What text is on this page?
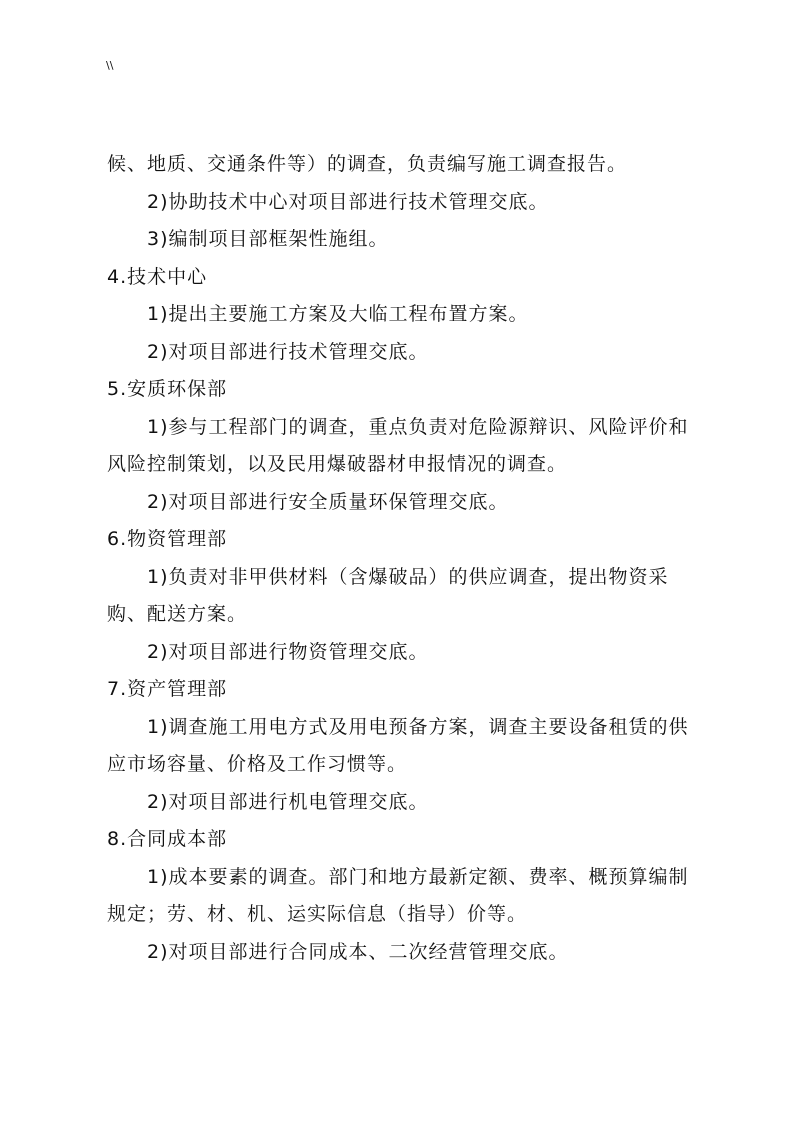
\\

候、地质、交通条件等）的调查，负责编写施工调查报告。

2)协助技术中心对项目部进行技术管理交底。

3)编制项目部框架性施组。

4.技术中心

1)提出主要施工方案及大临工程布置方案。

2)对项目部进行技术管理交底。

5.安质环保部

1)参与工程部门的调查，重点负责对危险源辩识、风险评价和风险控制策划，以及民用爆破器材申报情况的调查。

2)对项目部进行安全质量环保管理交底。

6.物资管理部

1)负责对非甲供材料（含爆破品）的供应调查，提出物资采购、配送方案。

2)对项目部进行物资管理交底。

7.资产管理部

1)调查施工用电方式及用电预备方案，调查主要设备租赁的供应市场容量、价格及工作习惯等。

2)对项目部进行机电管理交底。

8.合同成本部

1)成本要素的调查。部门和地方最新定额、费率、概预算编制规定；劳、材、机、运实际信息（指导）价等。

2)对项目部进行合同成本、二次经营管理交底。
